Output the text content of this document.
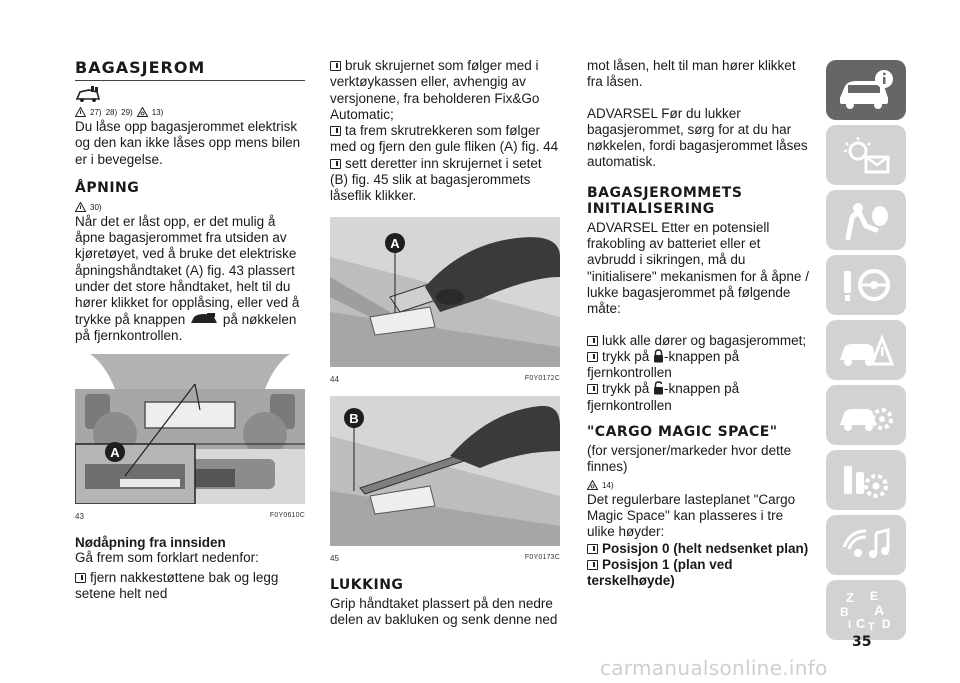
BAGASJEROM
27) 28) 29) 13)

Du låse opp bagasjerommet elektrisk og den kan ikke låses opp mens bilen er i bevegelse.

ÅPNING
30)

Når det er låst opp, er det mulig å åpne bagasjerommet fra utsiden av kjøretøyet, ved å bruke det elektriske åpningshåndtaket (A) fig. 43 plassert under det store håndtaket, helt til du hører klikket for opplåsing, eller ved å trykke på knappen	på nøkkelen på fjernkontrollen.

A
43	F0Y0610C
Nødåpning fra innsiden

Gå frem som forklart nedenfor:

fjern nakkestøttene bak og legg setene helt ned

bruk skrujernet som følger med i verktøykassen eller, avhengig av versjonene, fra beholderen Fix&Go Automatic;

ta frem skrutrekkeren som følger med og fjern den gule fliken (A) fig. 44

sett deretter inn skrujernet i setet (B) fig. 45 slik at bagasjerommets låseflik klikker.

A
44	F0Y0172C
B
45	F0Y0173C
LUKKING

Grip håndtaket plassert på den nedre delen av bakluken og senk denne ned

mot låsen, helt til man hører klikket fra låsen.

ADVARSEL Før du lukker bagasjerommet, sørg for at du har nøkkelen, fordi bagasjerommet låses automatisk.

BAGASJEROMMETS INITIALISERING

ADVARSEL Etter en potensiell frakobling av batteriet eller et avbrudd i sikringen, må du "initialisere" mekanismen for å åpne / lukke bagasjerommet på følgende måte:

lukk alle dører og bagasjerommet;

trykk på -knappen på fjernkontrollen

trykk på -knappen på fjernkontrollen

"CARGO MAGIC SPACE"

(for versjoner/markeder hvor dette finnes)

14)

Det regulerbare lasteplanet "Cargo Magic Space" kan plasseres i tre ulike høyder:

Posisjon 0 (helt nedsenket plan)

Posisjon 1 (plan ved terskelhøyde)

Z E
B A
C D
T
I
35
carmanualsonline.info
